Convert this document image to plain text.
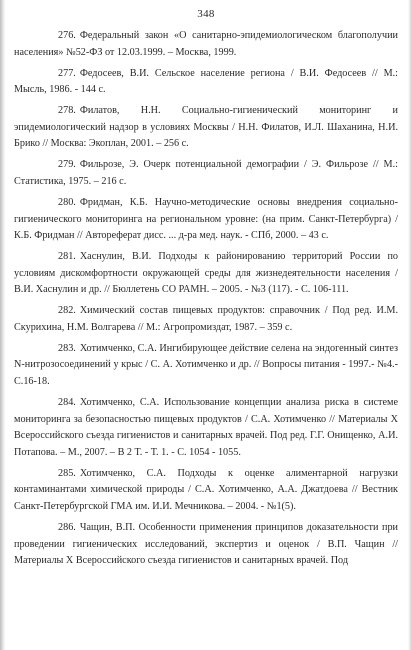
348

276. Федеральный закон «О санитарно-эпидемиологическом благополучии населения» №52-ФЗ от 12.03.1999. – Москва, 1999.

277. Федосеев, В.И. Сельское население региона / В.И. Федосеев // М.: Мысль, 1986. - 144 с.

278. Филатов, Н.Н. Социально-гигиенический мониторинг и эпидемиологический надзор в условиях Москвы / Н.Н. Филатов, И.Л. Шаханина, Н.И. Брико // Москва: Экоплан, 2001. – 256 с.

279. Фильрозе, Э. Очерк потенциальной демографии / Э. Фильрозе // М.: Статистика, 1975. – 216 с.

280. Фридман, К.Б. Научно-методические основы внедрения социально-гигиенического мониторинга на региональном уровне: (на прим. Санкт-Петербурга) / К.Б. Фридман // Автореферат дисс. ... д-ра мед. наук. - СПб, 2000. – 43 с.

281. Хаснулин, В.И. Подходы к районированию территорий России по условиям дискомфортности окружающей среды для жизнедеятельности населения / В.И. Хаснулин и др. // Бюллетень СО РАМН. – 2005. - №3 (117). - С. 106-111.

282. Химический состав пищевых продуктов: справочник / Под ред. И.М. Скурихина, Н.М. Волгарева // М.: Агропромиздат, 1987. – 359 с.

283. Хотимченко, С.А. Ингибирующее действие селена на эндогенный синтез N-нитрозосоединений у крыс / С. А. Хотимченко и др. // Вопросы питания - 1997.- №4.- С.16-18.

284. Хотимченко, С.А. Использование концепции анализа риска в системе мониторинга за безопасностью пищевых продуктов / С.А. Хотимченко // Материалы X Всероссийского съезда гигиенистов и санитарных врачей. Под ред. Г.Г. Онищенко, А.И. Потапова. – М., 2007. – В 2 Т. - Т. 1. - С. 1054 - 1055.

285. Хотимченко, С.А. Подходы к оценке алиментарной нагрузки контаминантами химической природы / С.А. Хотимченко, А.А. Джатдоева // Вестник Санкт-Петербургской ГМА им. И.И. Мечникова. – 2004. - №1(5).

286. Чащин, В.П. Особенности применения принципов доказательности при проведении гигиенических исследований, экспертиз и оценок / В.П. Чащин // Материалы X Всероссийского съезда гигиенистов и санитарных врачей. Под
